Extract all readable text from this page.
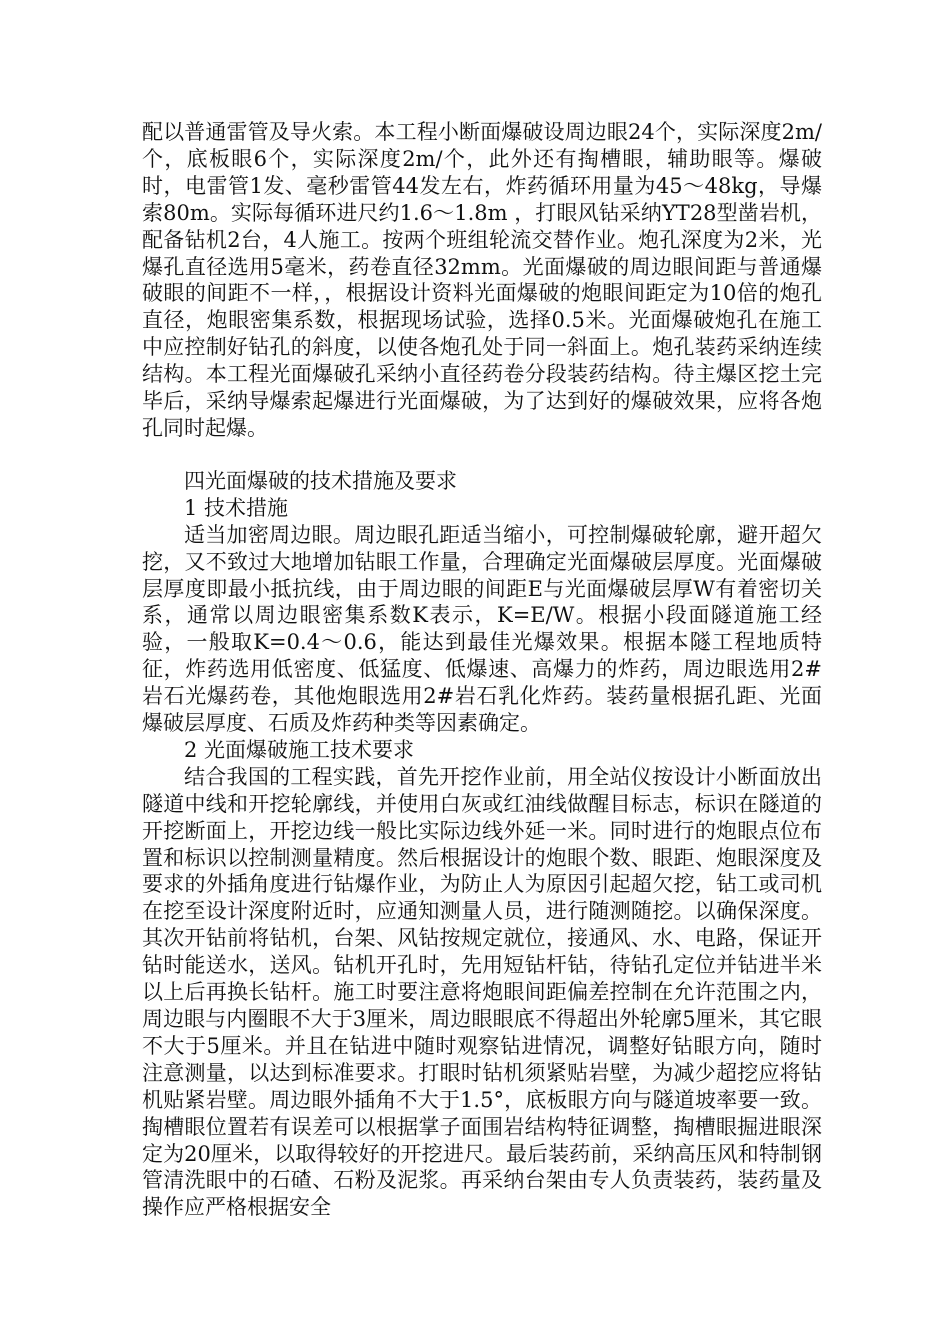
配以普通雷管及导火索。本工程小断面爆破设周边眼24个，实际深度2m/个，底板眼6个，实际深度2m/个，此外还有掏槽眼，辅助眼等。爆破时，电雷管1发、毫秒雷管44发左右，炸药循环用量为45～48kg，导爆索80m。实际每循环进尺约1.6～1.8m ，打眼风钻采纳YT28型凿岩机，配备钻机2台，4人施工。按两个班组轮流交替作业。炮孔深度为2米，光爆孔直径选用5毫米，药卷直径32mm。光面爆破的周边眼间距与普通爆破眼的间距不一样，，根据设计资料光面爆破的炮眼间距定为10倍的炮孔直径，炮眼密集系数，根据现场试验，选择0.5米。光面爆破炮孔在施工中应控制好钻孔的斜度，以使各炮孔处于同一斜面上。炮孔装药采纳连续结构。本工程光面爆破孔采纳小直径药卷分段装药结构。待主爆区挖土完毕后，采纳导爆索起爆进行光面爆破，为了达到好的爆破效果，应将各炮孔同时起爆。

四光面爆破的技术措施及要求

1 技术措施

适当加密周边眼。周边眼孔距适当缩小，可控制爆破轮廓，避开超欠挖，又不致过大地增加钻眼工作量，合理确定光面爆破层厚度。光面爆破层厚度即最小抵抗线，由于周边眼的间距E与光面爆破层厚W有着密切关系，通常以周边眼密集系数K表示，K=E/W。根据小段面隧道施工经验，一般取K=0.4～0.6，能达到最佳光爆效果。根据本隧工程地质特征，炸药选用低密度、低猛度、低爆速、高爆力的炸药，周边眼选用2#岩石光爆药卷，其他炮眼选用2#岩石乳化炸药。装药量根据孔距、光面爆破层厚度、石质及炸药种类等因素确定。

2 光面爆破施工技术要求

结合我国的工程实践，首先开挖作业前，用全站仪按设计小断面放出隧道中线和开挖轮廓线，并使用白灰或红油线做醒目标志，标识在隧道的开挖断面上，开挖边线一般比实际边线外延一米。同时进行的炮眼点位布置和标识以控制测量精度。然后根据设计的炮眼个数、眼距、炮眼深度及要求的外插角度进行钻爆作业，为防止人为原因引起超欠挖，钻工或司机在挖至设计深度附近时，应通知测量人员，进行随测随挖。以确保深度。其次开钻前将钻机，台架、风钻按规定就位，接通风、水、电路，保证开钻时能送水，送风。钻机开孔时，先用短钻杆钻，待钻孔定位并钻进半米以上后再换长钻杆。施工时要注意将炮眼间距偏差控制在允许范围之内，周边眼与内圈眼不大于3厘米，周边眼眼底不得超出外轮廓5厘米，其它眼不大于5厘米。并且在钻进中随时观察钻进情况，调整好钻眼方向，随时注意测量，以达到标准要求。打眼时钻机须紧贴岩壁，为减少超挖应将钻机贴紧岩壁。周边眼外插角不大于1.5°，底板眼方向与隧道坡率要一致。掏槽眼位置若有误差可以根据掌子面围岩结构特征调整，掏槽眼掘进眼深定为20厘米，以取得较好的开挖进尺。最后装药前，采纳高压风和特制钢管清洗眼中的石碴、石粉及泥浆。再采纳台架由专人负责装药，装药量及操作应严格根据安全
